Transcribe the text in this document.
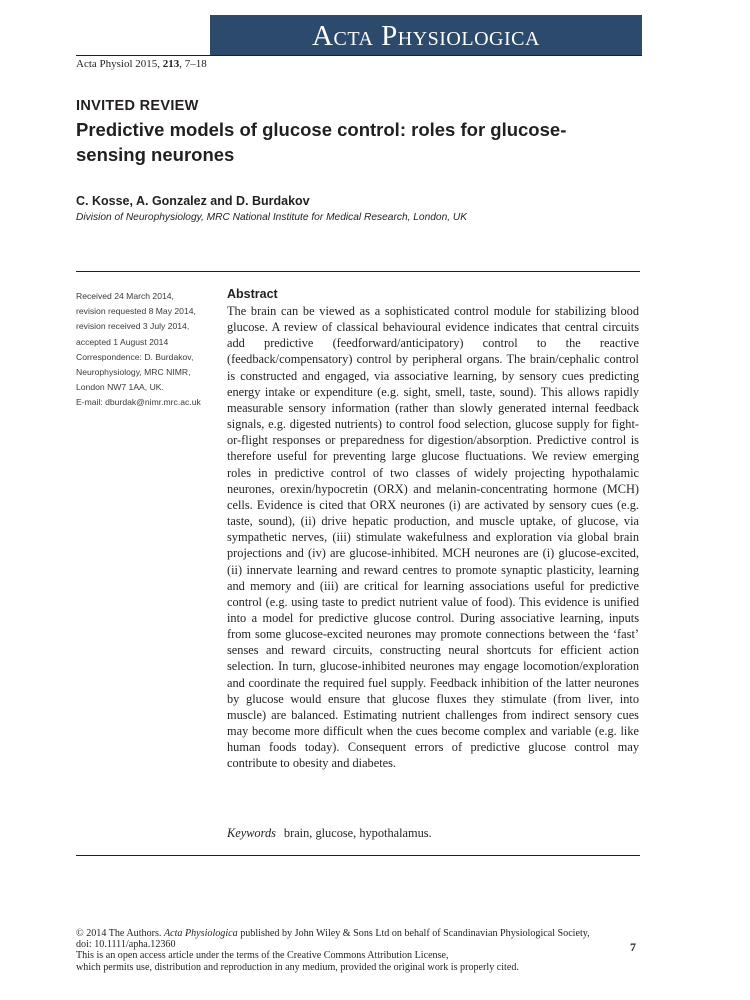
Acta Physiologica
Acta Physiol 2015, 213, 7–18
INVITED REVIEW
Predictive models of glucose control: roles for glucose-sensing neurones
C. Kosse, A. Gonzalez and D. Burdakov
Division of Neurophysiology, MRC National Institute for Medical Research, London, UK
Received 24 March 2014,
revision requested 8 May 2014,
revision received 3 July 2014,
accepted 1 August 2014
Correspondence: D. Burdakov,
Neurophysiology, MRC NIMR,
London NW7 1AA, UK.
E-mail: dburdak@nimr.mrc.ac.uk
Abstract
The brain can be viewed as a sophisticated control module for stabilizing blood glucose. A review of classical behavioural evidence indicates that central circuits add predictive (feedforward/anticipatory) control to the reactive (feedback/compensatory) control by peripheral organs. The brain/cephalic control is constructed and engaged, via associative learning, by sensory cues predicting energy intake or expenditure (e.g. sight, smell, taste, sound). This allows rapidly measurable sensory information (rather than slowly generated internal feedback signals, e.g. digested nutrients) to control food selection, glucose supply for fight-or-flight responses or preparedness for digestion/absorption. Predictive control is therefore useful for preventing large glucose fluctuations. We review emerging roles in predictive control of two classes of widely projecting hypothalamic neurones, orexin/hypocretin (ORX) and melanin-concentrating hormone (MCH) cells. Evidence is cited that ORX neurones (i) are activated by sensory cues (e.g. taste, sound), (ii) drive hepatic production, and muscle uptake, of glucose, via sympathetic nerves, (iii) stimulate wakefulness and exploration via global brain projections and (iv) are glucose-inhibited. MCH neurones are (i) glucose-excited, (ii) innervate learning and reward centres to promote synaptic plasticity, learning and memory and (iii) are critical for learning associations useful for predictive control (e.g. using taste to predict nutrient value of food). This evidence is unified into a model for predictive glucose control. During associative learning, inputs from some glucose-excited neurones may promote connections between the ‘fast’ senses and reward circuits, constructing neural shortcuts for efficient action selection. In turn, glucose-inhibited neurones may engage locomotion/exploration and coordinate the required fuel supply. Feedback inhibition of the latter neurones by glucose would ensure that glucose fluxes they stimulate (from liver, into muscle) are balanced. Estimating nutrient challenges from indirect sensory cues may become more difficult when the cues become complex and variable (e.g. like human foods today). Consequent errors of predictive glucose control may contribute to obesity and diabetes.
Keywords brain, glucose, hypothalamus.
© 2014 The Authors. Acta Physiologica published by John Wiley & Sons Ltd on behalf of Scandinavian Physiological Society,
doi: 10.1111/apha.12360
This is an open access article under the terms of the Creative Commons Attribution License,
which permits use, distribution and reproduction in any medium, provided the original work is properly cited.
7
